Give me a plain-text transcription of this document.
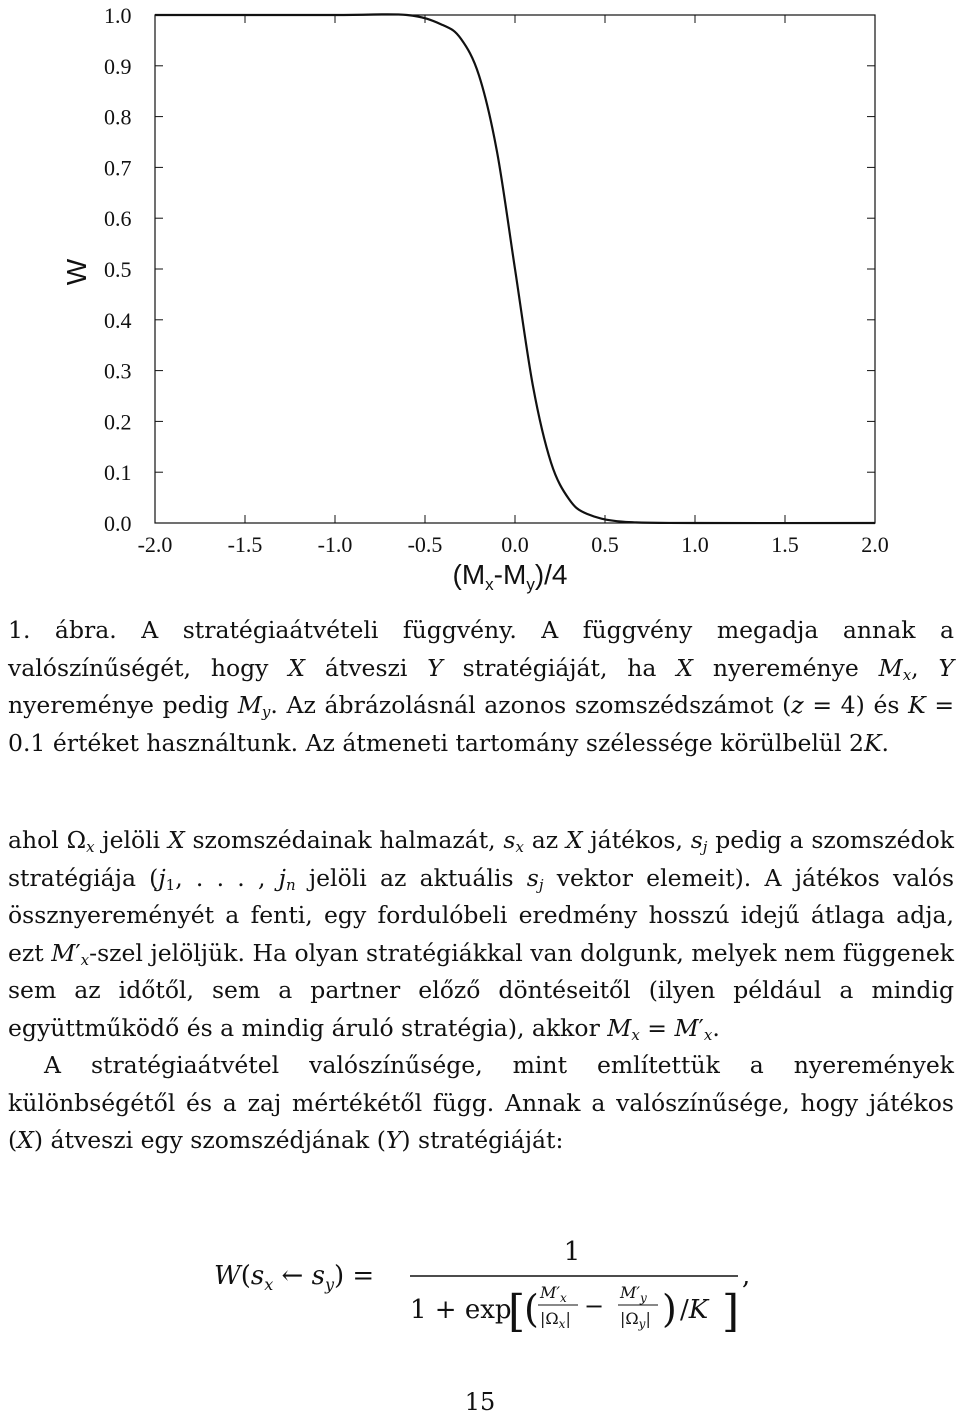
0.0
0.1
0.2
0.3
0.4
0.5
0.6
0.7
0.8
0.9
1.0
-2.0	-1.5	-1.0	-0.5	0.0	0.5	1.0	1.5	2.0
W
$(M_x-M_y)/4$

1. ábra. A stratégiaátvételi függvény. A függvény megadja annak a valószínűségét, hogy X átveszi Y stratégiáját, ha X nyereménye $M_x$, Y nyereménye pedig $M_y$. Az ábrázolásnál azonos szomszédszámot (z = 4) és K = 0.1 értéket használtunk. Az átmeneti tartomány szélessége körülbelül 2K.

ahol $\Omega_x$ jelöli X szomszédainak halmazát, $s_x$ az X játékos, $s_j$ pedig a szomszédok stratégiája ($j_1$, . . . , $j_n$ jelöli az aktuális $s_j$ vektor elemeit). A játékos valós össznyereményét a fenti, egy fordulóbeli eredmény hosszú idejű átlaga adja, ezt $M'_x$-szel jelöljük. Ha olyan stratégiákkal van dolgunk, melyek nem függenek sem az időtől, sem a partner előző döntéseitől (ilyen például a mindig együttműködő és a mindig áruló stratégia), akkor $M_x = M'_x$.

A stratégiaátvétel valószínűsége, mint említettük a nyeremények különbségétől és a zaj mértékétől függ. Annak a valószínűsége, hogy játékos (X) átveszi egy szomszédjának (Y) stratégiáját:

$W(s_x$ ← $s_y$) =
1
1 + exp
[
( $M'_x$
$|\Omega_x| - M'_y$
$|\Omega_y|$ ) /K ]
,
15
